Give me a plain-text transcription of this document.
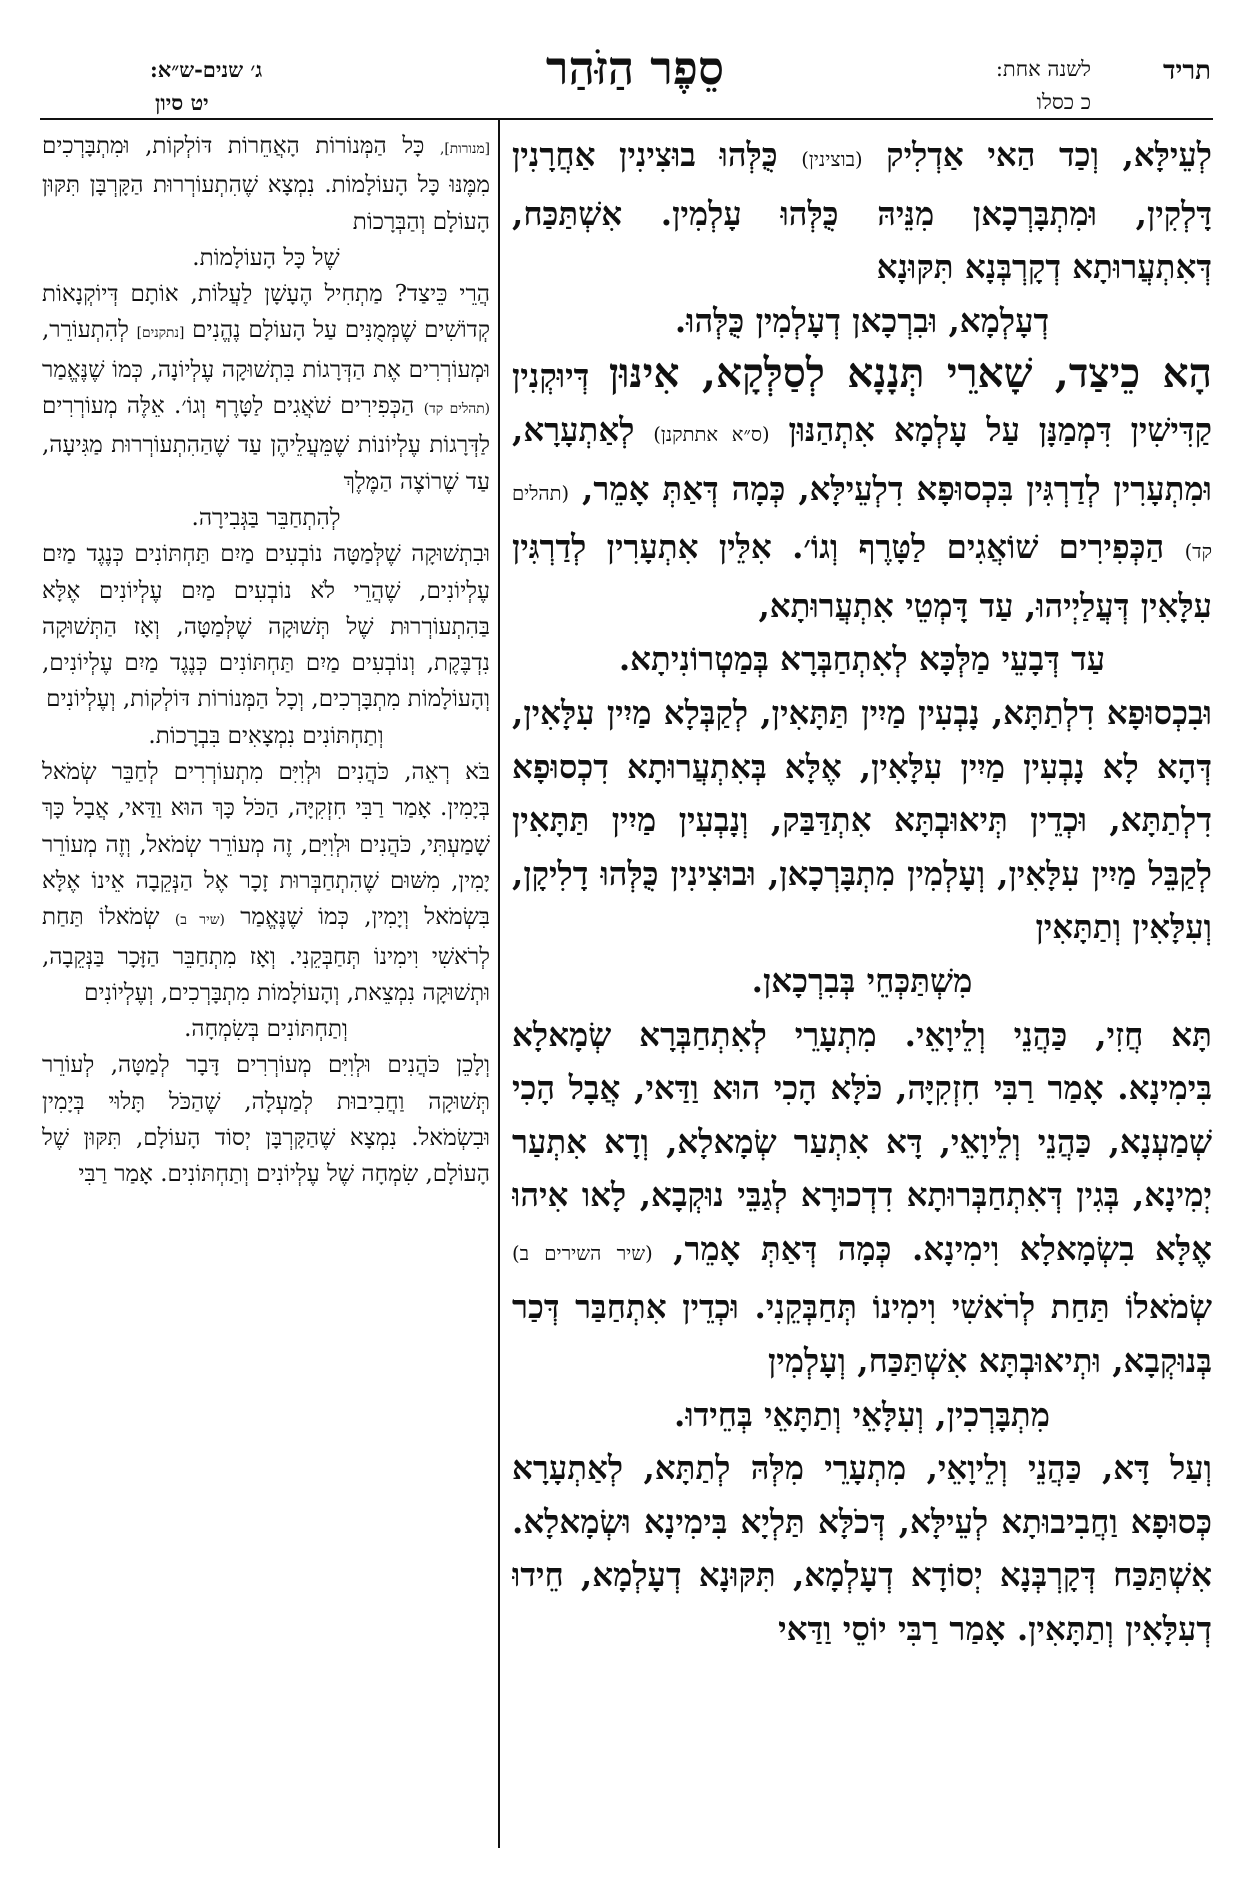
סֵפֶר הַזֹּהַר	תריד
לשנה אחת:
כ כסלו
ג׳ שנים-ש״א:
יט סיון

לְעֵילָּא, וְכַד הַאי אַדְלִיק (בוצינין) כֻּלְּהוּ בוּצִינִין אַחֲרָנִין דָּלְקִין, וּמִתְבָּרְכָאן מִנֵּיהּ כֻּלְּהוּ עָלְמִין. אִשְׁתַּכַּח, דְּאִתְעֲרוּתָא דְקָרְבְּנָא תִּקּוּנָא

דְעָלְמָא, וּבִרְכָאן דְעָלְמִין כֻּלְּהוּ.

הָא כֵיצַד, שָׁארֵי תְּנָנָא לְסַלְּקָא, אִינּוּן דְּיוּקְנִין קַדִּישִׁין דִּמְמַנָּן עַל עָלְמָא אִתְהַנּוּן (ס״א אתתקנן) לְאַתְעָרָא, וּמִתְעָרִין לְדַרְגִּין בִּכְסוּפָא דִלְעֵילָּא, כְּמָה דְּאַתְּ אָמֵר, (תהלים קד) הַכְּפִירִים שׁוֹאֲגִים לַטָּרֶף וְגוֹ׳. אִלֵּין אִתְעָרִין לְדַרְגִּין עִלָּאִין דְּעֲלַיְיהוּ, עַד דָּמְטֵי אִתְעֲרוּתָא,

עַד דְּבָעֵי מַלְּכָּא לְאִתְחַבְּרָא בְּמַטְרוֹנִיתָא.

וּבִכְסוּפָא דִלְתַתָּא, נָבְעִין מַיִין תַּתָּאִין, לְקַבְּלָא מַיִין עִלָּאִין, דְּהָא לָא נָבְעִין מַיִין עִלָּאִין, אֶלָּא בְּאִתְעֲרוּתָא דִכְסוּפָא דִלְתַתָּא, וּכְדֵין תְּיאוּבְתָּא אִתְדַּבַּק, וְנָבְעִין מַיִין תַּתָּאִין לְקַבֵּל מַיִין עִלָּאִין, וְעָלְמִין מִתְבָּרְכָאן, וּבוּצִינִין כֻּלְּהוּ דָלִיקָן, וְעִלָּאִין וְתַתָּאִין

מִשְׁתַּכְּחֵי בְּבִרְכָאן.

תָּא חֲזִי, כַּהֲנֵי וְלֵיוָאֵי. מִתְעָרֵי לְאִתְחַבְּרָא שְׂמָאלָא בִּימִינָא. אָמַר רַבִּי חִזְקִיָּה, כֹּלָּא הָכִי הוּא וַדַּאי, אֲבָל הָכִי שְׁמַעְנָא, כַּהֲנֵי וְלֵיוָאֵי, דָּא אִתְעַר שְׂמָאלָא, וְדָא אִתְעַר יְמִינָא, בְּגִין דְּאִתְחַבְּרוּתָא דִדְכוּרָא לְגַבֵּי נוּקְבָא, לָאו אִיהוּ אֶלָּא בִשְׂמָאלָא וִימִינָא. כְּמָה דְּאַתְּ אָמֵר, (שיר השירים ב) שְׂמֹאלוֹ תַּחַת לְרֹאשִׁי וִימִינוֹ תְּחַבְּקֵנִי. וּכְדֵין אִתְחַבַּר דְּכַר בְּנוּקְבָא, וּתְיאוּבְתָּא אִשְׁתַּכַּח, וְעָלְמִין

מִתְבָּרְכִין, וְעִלָּאֵי וְתַתָּאֵי בְּחֵידוּ.

וְעַל דָּא, כַּהֲנֵי וְלֵיוָאֵי, מִתְעָרֵי מִלְּהּ לְתַתָּא, לְאַתְעָרָא כְּסוּפָא וַחֲבִיבוּתָא לְעֵילָּא, דְּכֹלָּא תַּלְיָא בִּימִינָא וּשְׂמָאלָא. אִשְׁתַּכַּח דְּקָרְבְּנָא יְסוֹדָא דְעָלְמָא, תִּקּוּנָא דְעָלְמָא, חֵידוּ דְעִלָּאִין וְתַתָּאִין. אָמַר רַבִּי יוֹסֵי וַדַּאי

[מנורות], כָּל הַמְּנוֹרוֹת הָאֲחֵרוֹת דּוֹלְקוֹת, וּמִתְבָּרְכִים מִמֶּנּוּ כָּל הָעוֹלָמוֹת. נִמְצָא שֶׁהִתְעוֹרְרוּת הַקָּרְבָּן תִּקּוּן הָעוֹלָם וְהַבְּרָכוֹת

שֶׁל כָּל הָעוֹלָמוֹת.

הֲרֵי כֵּיצַד? מַתְחִיל הֶעָשָׁן לַעֲלוֹת, אוֹתָם דְּיוֹקְנָאוֹת קְדוֹשִׁים שֶׁמְּמֻנִּים עַל הָעוֹלָם נֶהֱנִים [נתקנים] לְהִתְעוֹרֵר, וּמְעוֹרְרִים אֶת הַדְּרָגוֹת בִּתְשׁוּקָה עֶלְיוֹנָה, כְּמוֹ שֶׁנֶּאֱמַר (תהלים קד) הַכְּפִירִים שֹׁאֲגִים לַטָּרֶף וְגוֹ׳. אֵלֶּה מְעוֹרְרִים לַדְּרָגוֹת עֶלְיוֹנוֹת שֶׁמֵּעֲלֵיהֶן עַד שֶׁהַהִתְעוֹרְרוּת מַגִּיעָה, עַד שֶׁרוֹצֶה הַמֶּלֶךְ

לְהִתְחַבֵּר בַּגְּבִירָה.

וּבִתְשׁוּקָה שֶׁלְּמַטָּה נוֹבְעִים מַיִם תַּחְתּוֹנִים כְּנֶגֶד מַיִם עֶלְיוֹנִים, שֶׁהֲרֵי לֹא נוֹבְעִים מַיִם עֶלְיוֹנִים אֶלָּא בַּהִתְעוֹרְרוּת שֶׁל תְּשׁוּקָה שֶׁלְּמַטָּה, וְאָז הַתְּשׁוּקָה נִדְבֶּקֶת, וְנוֹבְעִים מַיִם תַּחְתּוֹנִים כְּנֶגֶד מַיִם עֶלְיוֹנִים, וְהָעוֹלָמוֹת מִתְבָּרְכִים, וְכָל הַמְּנוֹרוֹת דּוֹלְקוֹת, וְעֶלְיוֹנִים

וְתַחְתּוֹנִים נִמְצָאִים בִּבְרָכוֹת.

בֹּא רְאֵה, כֹּהֲנִים וּלְוִיִּם מִתְעוֹרְרִים לְחַבֵּר שְׂמֹאל בְּיָמִין. אָמַר רַבִּי חִזְקִיָּה, הַכֹּל כָּךְ הוּא וַדַּאי, אֲבָל כָּךְ שָׁמַעְתִּי, כֹּהֲנִים וּלְוִיִּם, זֶה מְעוֹרֵר שְׂמֹאל, וְזֶה מְעוֹרֵר יָמִין, מִשּׁוּם שֶׁהִתְחַבְּרוּת זָכָר אֶל הַנְּקֵבָה אֵינוֹ אֶלָּא בִּשְׂמֹאל וְיָמִין, כְּמוֹ שֶׁנֶּאֱמַר (שיר ב) שְׂמֹאלוֹ תַּחַת לְרֹאשִׁי וִימִינוֹ תְּחַבְּקֵנִי. וְאָז מִתְחַבֵּר הַזָּכָר בַּנְּקֵבָה, וּתְשׁוּקָה נִמְצֵאת, וְהָעוֹלָמוֹת מִתְבָּרְכִים, וְעֶלְיוֹנִים

וְתַחְתּוֹנִים בְּשִׂמְחָה.

וְלָכֵן כֹּהֲנִים וּלְוִיִּם מְעוֹרְרִים דָּבָר לְמַטָּה, לְעוֹרֵר תְּשׁוּקָה וַחֲבִיבוּת לְמַעְלָה, שֶׁהַכֹּל תָּלוּי בְּיָמִין וּבִשְׂמֹאל. נִמְצָא שֶׁהַקָּרְבָּן יְסוֹד הָעוֹלָם, תִּקּוּן שֶׁל הָעוֹלָם, שִׂמְחָה שֶׁל עֶלְיוֹנִים וְתַחְתּוֹנִים. אָמַר רַבִּי
